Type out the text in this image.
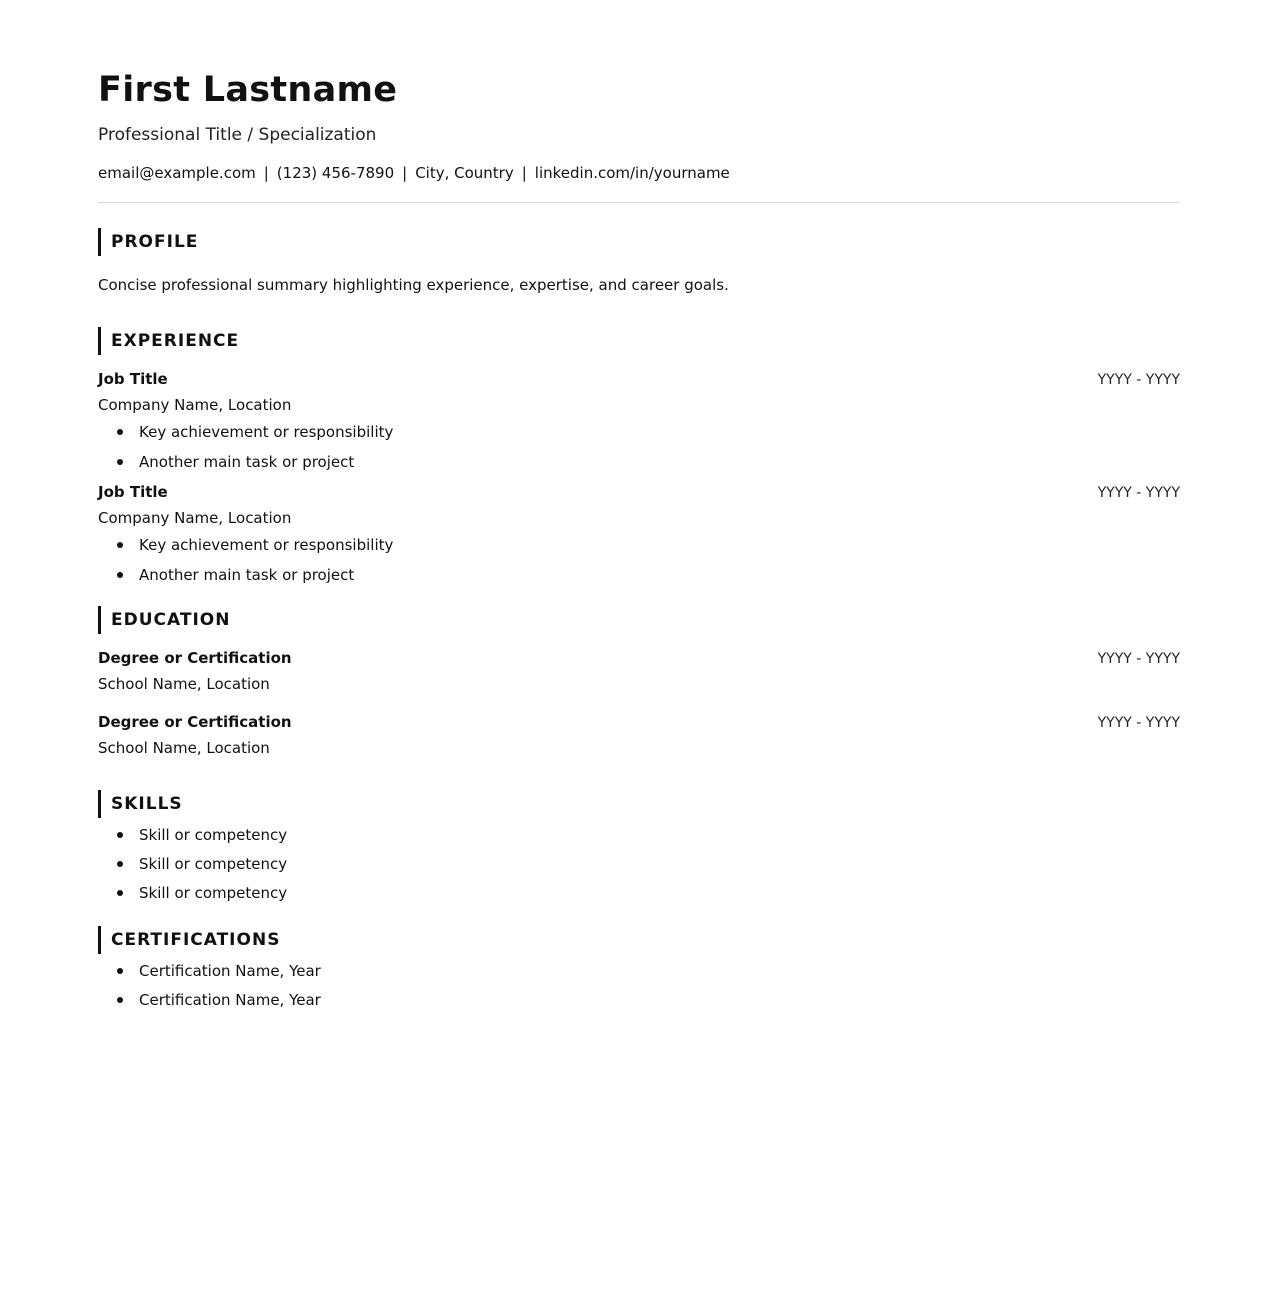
First Lastname
Professional Title / Specialization
email@example.com | (123) 456-7890 | City, Country | linkedin.com/in/yourname
PROFILE
Concise professional summary highlighting experience, expertise, and career goals.
EXPERIENCE
Job Title	YYYY - YYYY
Company Name, Location
Key achievement or responsibility
Another main task or project
Job Title	YYYY - YYYY
Company Name, Location
Key achievement or responsibility
Another main task or project
EDUCATION
Degree or Certification	YYYY - YYYY
School Name, Location
Degree or Certification	YYYY - YYYY
School Name, Location
SKILLS
Skill or competency
Skill or competency
Skill or competency
CERTIFICATIONS
Certification Name, Year
Certification Name, Year
